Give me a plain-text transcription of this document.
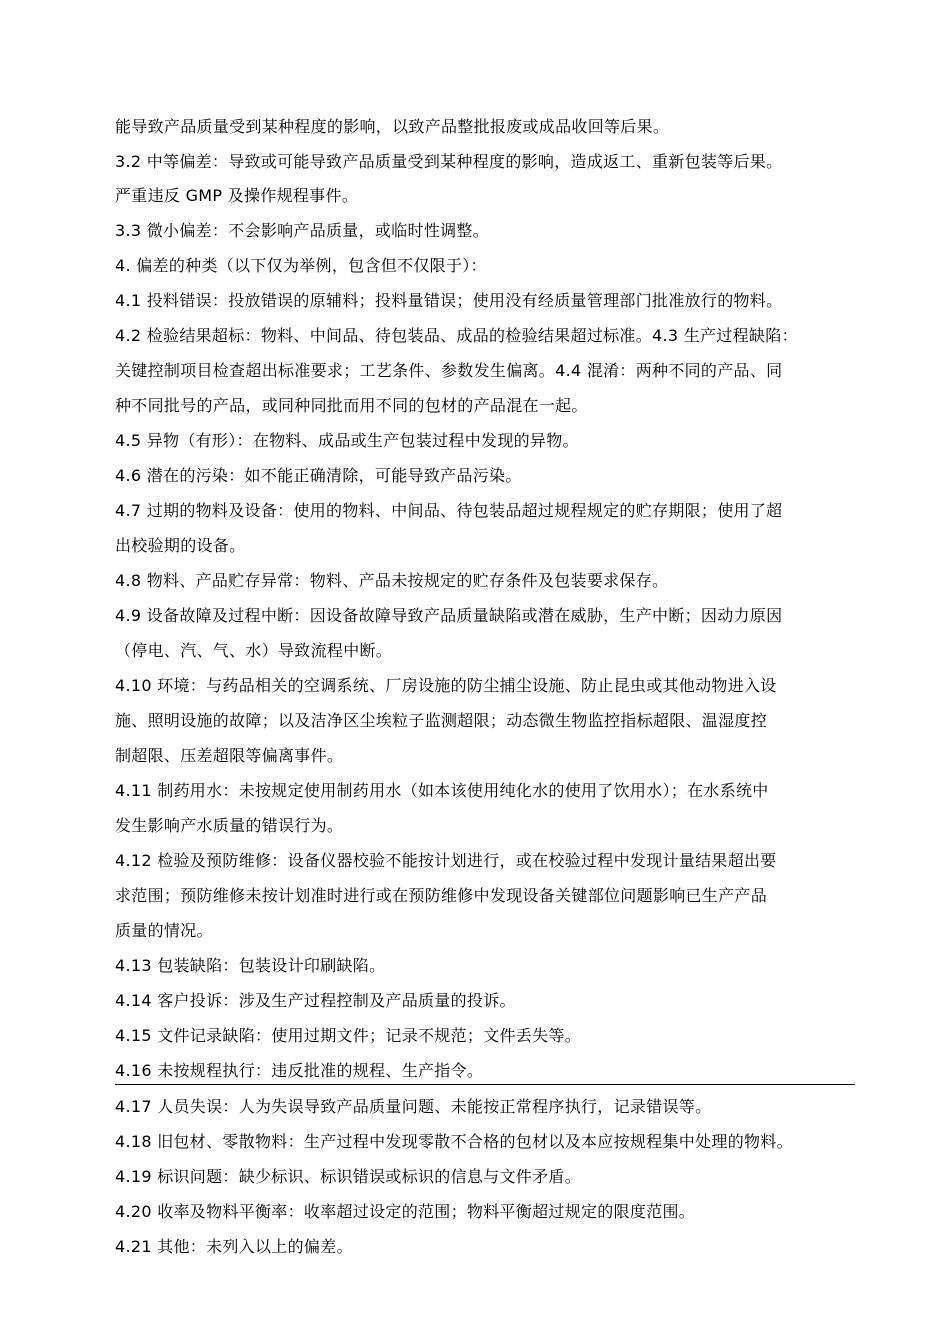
能导致产品质量受到某种程度的影响，以致产品整批报废或成品收回等后果。
3.2 中等偏差：导致或可能导致产品质量受到某种程度的影响，造成返工、重新包装等后果。
严重违反 GMP 及操作规程事件。
3.3 微小偏差：不会影响产品质量，或临时性调整。
4. 偏差的种类（以下仅为举例，包含但不仅限于）：
4.1 投料错误：投放错误的原辅料；投料量错误；使用没有经质量管理部门批准放行的物料。
4.2 检验结果超标：物料、中间品、待包装品、成品的检验结果超过标准。4.3 生产过程缺陷：
关键控制项目检查超出标准要求；工艺条件、参数发生偏离。4.4 混淆：两种不同的产品、同
种不同批号的产品，或同种同批而用不同的包材的产品混在一起。
4.5 异物（有形）：在物料、成品或生产包装过程中发现的异物。
4.6 潜在的污染：如不能正确清除，可能导致产品污染。
4.7 过期的物料及设备：使用的物料、中间品、待包装品超过规程规定的贮存期限；使用了超
出校验期的设备。
4.8 物料、产品贮存异常：物料、产品未按规定的贮存条件及包装要求保存。
4.9 设备故障及过程中断：因设备故障导致产品质量缺陷或潜在威胁，生产中断；因动力原因
（停电、汽、气、水）导致流程中断。
4.10 环境：与药品相关的空调系统、厂房设施的防尘捕尘设施、防止昆虫或其他动物进入设
施、照明设施的故障；以及洁净区尘埃粒子监测超限；动态微生物监控指标超限、温湿度控
制超限、压差超限等偏离事件。
4.11 制药用水：未按规定使用制药用水（如本该使用纯化水的使用了饮用水）；在水系统中
发生影响产水质量的错误行为。
4.12 检验及预防维修：设备仪器校验不能按计划进行，或在校验过程中发现计量结果超出要
求范围；预防维修未按计划准时进行或在预防维修中发现设备关键部位问题影响已生产产品
质量的情况。
4.13 包装缺陷：包装设计印刷缺陷。
4.14 客户投诉：涉及生产过程控制及产品质量的投诉。
4.15 文件记录缺陷：使用过期文件；记录不规范；文件丢失等。
4.16 未按规程执行：违反批准的规程、生产指令。
4.17 人员失误：人为失误导致产品质量问题、未能按正常程序执行，记录错误等。
4.18 旧包材、零散物料：生产过程中发现零散不合格的包材以及本应按规程集中处理的物料。
4.19 标识问题：缺少标识、标识错误或标识的信息与文件矛盾。
4.20 收率及物料平衡率：收率超过设定的范围；物料平衡超过规定的限度范围。
4.21 其他：未列入以上的偏差。
